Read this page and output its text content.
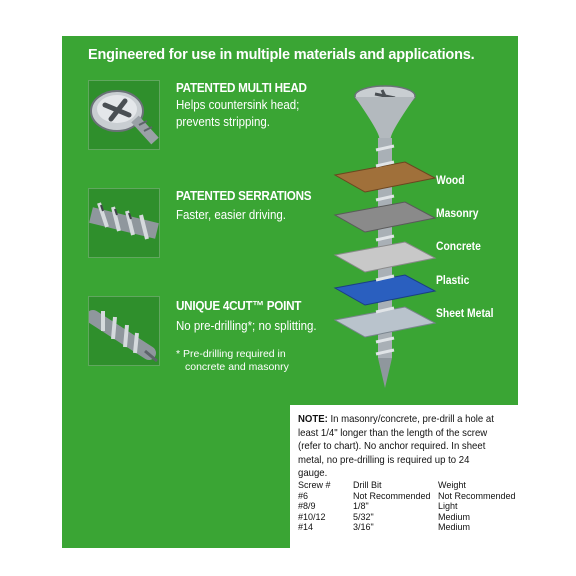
Engineered for use in multiple materials and applications.
PATENTED MULTI HEAD
Helps countersink head;
prevents stripping.
PATENTED SERRATIONS
Faster, easier driving.
UNIQUE 4CUT™ POINT
No pre-drilling*; no splitting.
* Pre-drilling required in
concrete and masonry
Wood
Masonry
Concrete
Plastic
Sheet Metal
NOTE: In masonry/concrete, pre-drill a hole at least 1/4" longer than the length of the screw (refer to chart). No anchor required. In sheet metal, no pre-drilling is required up to 24 gauge.
Screw #	Drill Bit	Weight
#6	Not Recommended	Not Recommended
#8/9	1/8"	Light
#10/12	5/32"	Medium
#14	3/16"	Medium
